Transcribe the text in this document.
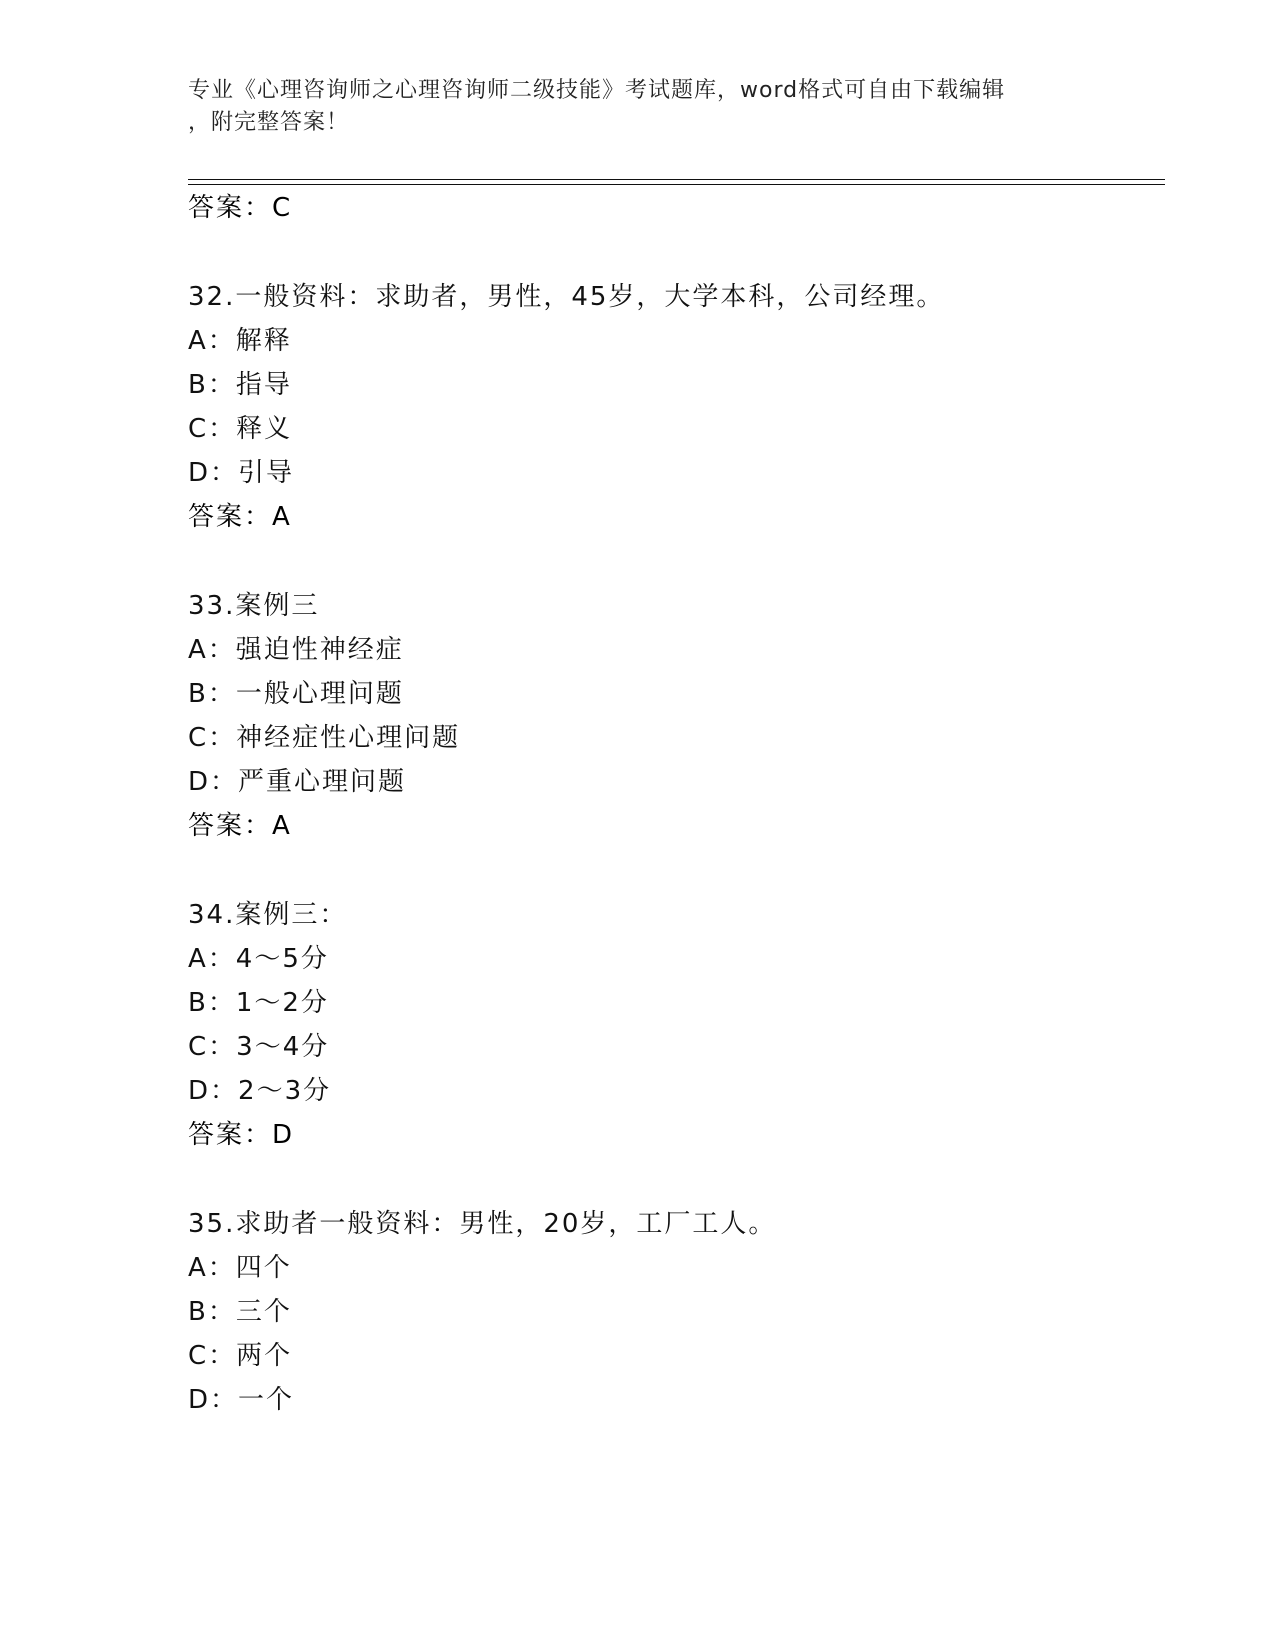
专业《心理咨询师之心理咨询师二级技能》考试题库，word格式可自由下载编辑
，附完整答案！
答案：C
32.一般资料：求助者，男性，45岁，大学本科，公司经理。
A：解释
B：指导
C：释义
D：引导
答案：A
33.案例三
A：强迫性神经症
B：一般心理问题
C：神经症性心理问题
D：严重心理问题
答案：A
34.案例三：
A：4～5分
B：1～2分
C：3～4分
D：2～3分
答案：D
35.求助者一般资料：男性，20岁，工厂工人。
A：四个
B：三个
C：两个
D：一个
